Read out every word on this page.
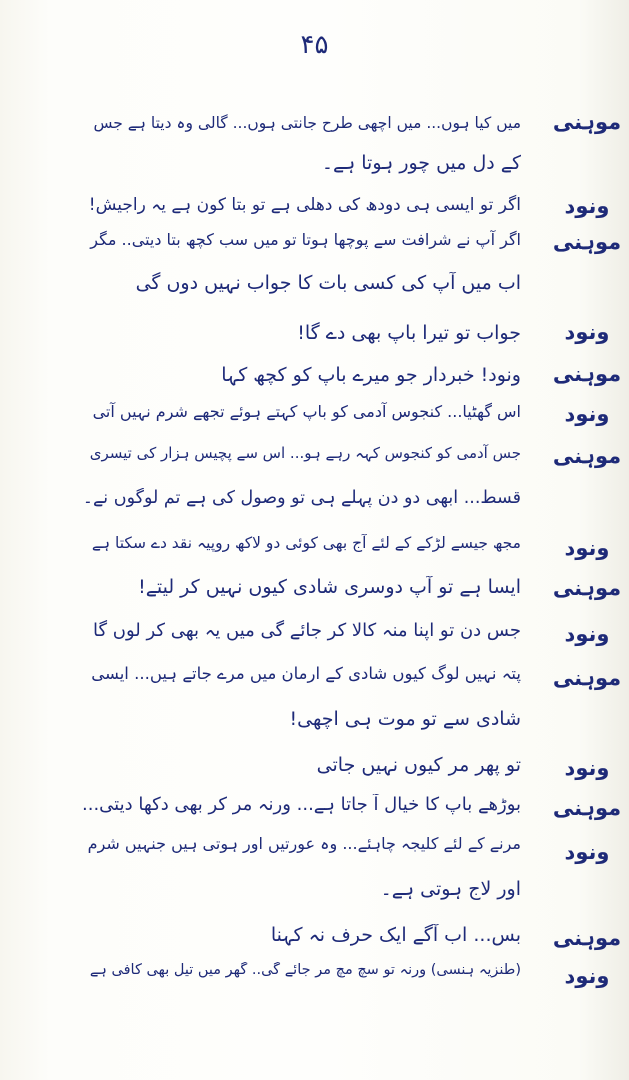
۴۵
موہنی
میں کیا ہوں... میں اچھی طرح جانتی ہوں... گالی وہ دیتا ہے جس
کے دل میں چور ہوتا ہے۔
ونود
اگر تو ایسی ہی دودھ کی دھلی ہے تو بتا کون ہے یہ راجیش!
موہنی
اگر آپ نے شرافت سے پوچھا ہوتا تو میں سب کچھ بتا دیتی.. مگر
اب میں آپ کی کسی بات کا جواب نہیں دوں گی
ونود
جواب تو تیرا باپ بھی دے گا!
موہنی
ونود! خبردار جو میرے باپ کو کچھ کہا
ونود
اس گھٹیا... کنجوس آدمی کو باپ کہتے ہوئے تجھے شرم نہیں آتی
موہنی
جس آدمی کو کنجوس کہہ رہے ہو... اس سے پچیس ہزار کی تیسری
قسط... ابھی دو دن پہلے ہی تو وصول کی ہے تم لوگوں نے۔
ونود
مجھ جیسے لڑکے کے لئے آج بھی کوئی دو لاکھ روپیہ نقد دے سکتا ہے
موہنی
ایسا ہے تو آپ دوسری شادی کیوں نہیں کر لیتے!
ونود
جس دن تو اپنا منہ کالا کر جائے گی میں یہ بھی کر لوں گا
موہنی
پتہ نہیں لوگ کیوں شادی کے ارمان میں مرے جاتے ہیں... ایسی
شادی سے تو موت ہی اچھی!
ونود
تو پھر مر کیوں نہیں جاتی
موہنی
بوڑھے باپ کا خیال آ جاتا ہے... ورنہ مر کر بھی دکھا دیتی...
ونود
مرنے کے لئے کلیجہ چاہئے... وہ عورتیں اور ہوتی ہیں جنہیں شرم
اور لاج ہوتی ہے۔
موہنی
بس... اب آگے ایک حرف نہ کہنا
ونود
(طنزیہ ہنسی) ورنہ تو سچ مچ مر جائے گی.. گھر میں تیل بھی کافی ہے
